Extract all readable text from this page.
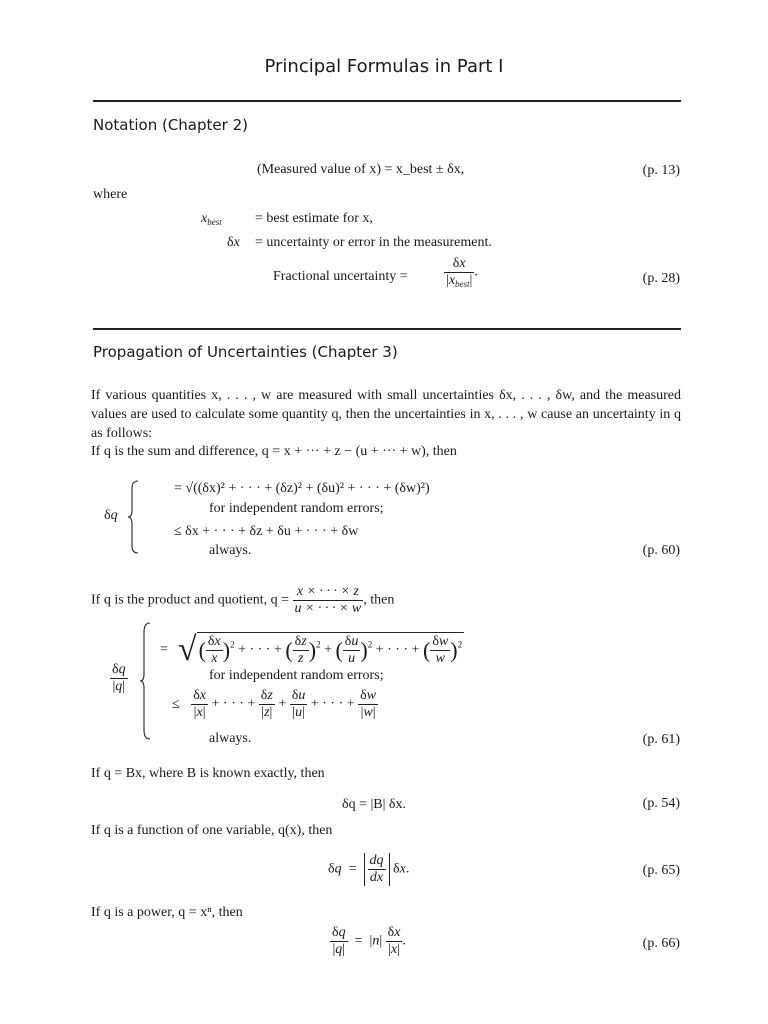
Principal Formulas in Part I
Notation (Chapter 2)
(Measured value of x) = x_best ± δx,	(p. 13)
where
$x_{best}$ = best estimate for x,
δx = uncertainty or error in the measurement.
Fractional uncertainty =	$\frac{\delta x}{|x_{best}|}$ .	(p. 28)
Propagation of Uncertainties (Chapter 3)
If various quantities x, . . . , w are measured with small uncertainties δx, . . . , δw, and the measured values are used to calculate some quantity q, then the uncertainties in x, . . . , w cause an uncertainty in q as follows:
If q is the sum and difference, q = x + ··· + z − (u + ··· + w), then
δq
= √((δx)² + · · · + (δz)² + (δu)² + · · · + (δw)²)
for independent random errors;
≤ δx + · · · + δz + δu + · · · + δw
always.	(p. 60)
If q is the product and quotient, $q = \frac{x \times \cdot \cdot \cdot \times z}{u \times \cdot \cdot \cdot \times w}$ , then
$\frac{\delta q}{|q|}$
= √( $\frac{\delta x}{x} )^2$ + · · · + ( $\frac{\delta z}{z} )^2$ + ( $\frac{\delta u}{u} )^2$ + · · · + ( $\frac{\delta w}{w} )^2$
for independent random errors;
≤ $\frac{\delta x}{|x|}$ + · · · + $\frac{\delta z}{|z|} + \frac{\delta u}{|u|}$ + · · · + $\frac{\delta w}{|w|}$
always.	(p. 61)
If q = Bx, where B is known exactly, then
δq = |B| δx.	(p. 54)
If q is a function of one variable, q(x), then
$\delta q = \frac{dq}{dx} \delta x$.	(p. 65)
If q is a power, q = xⁿ, then
$\frac{\delta q}{|q|} = |n| \frac{\delta x}{|x|}$ .	(p. 66)
